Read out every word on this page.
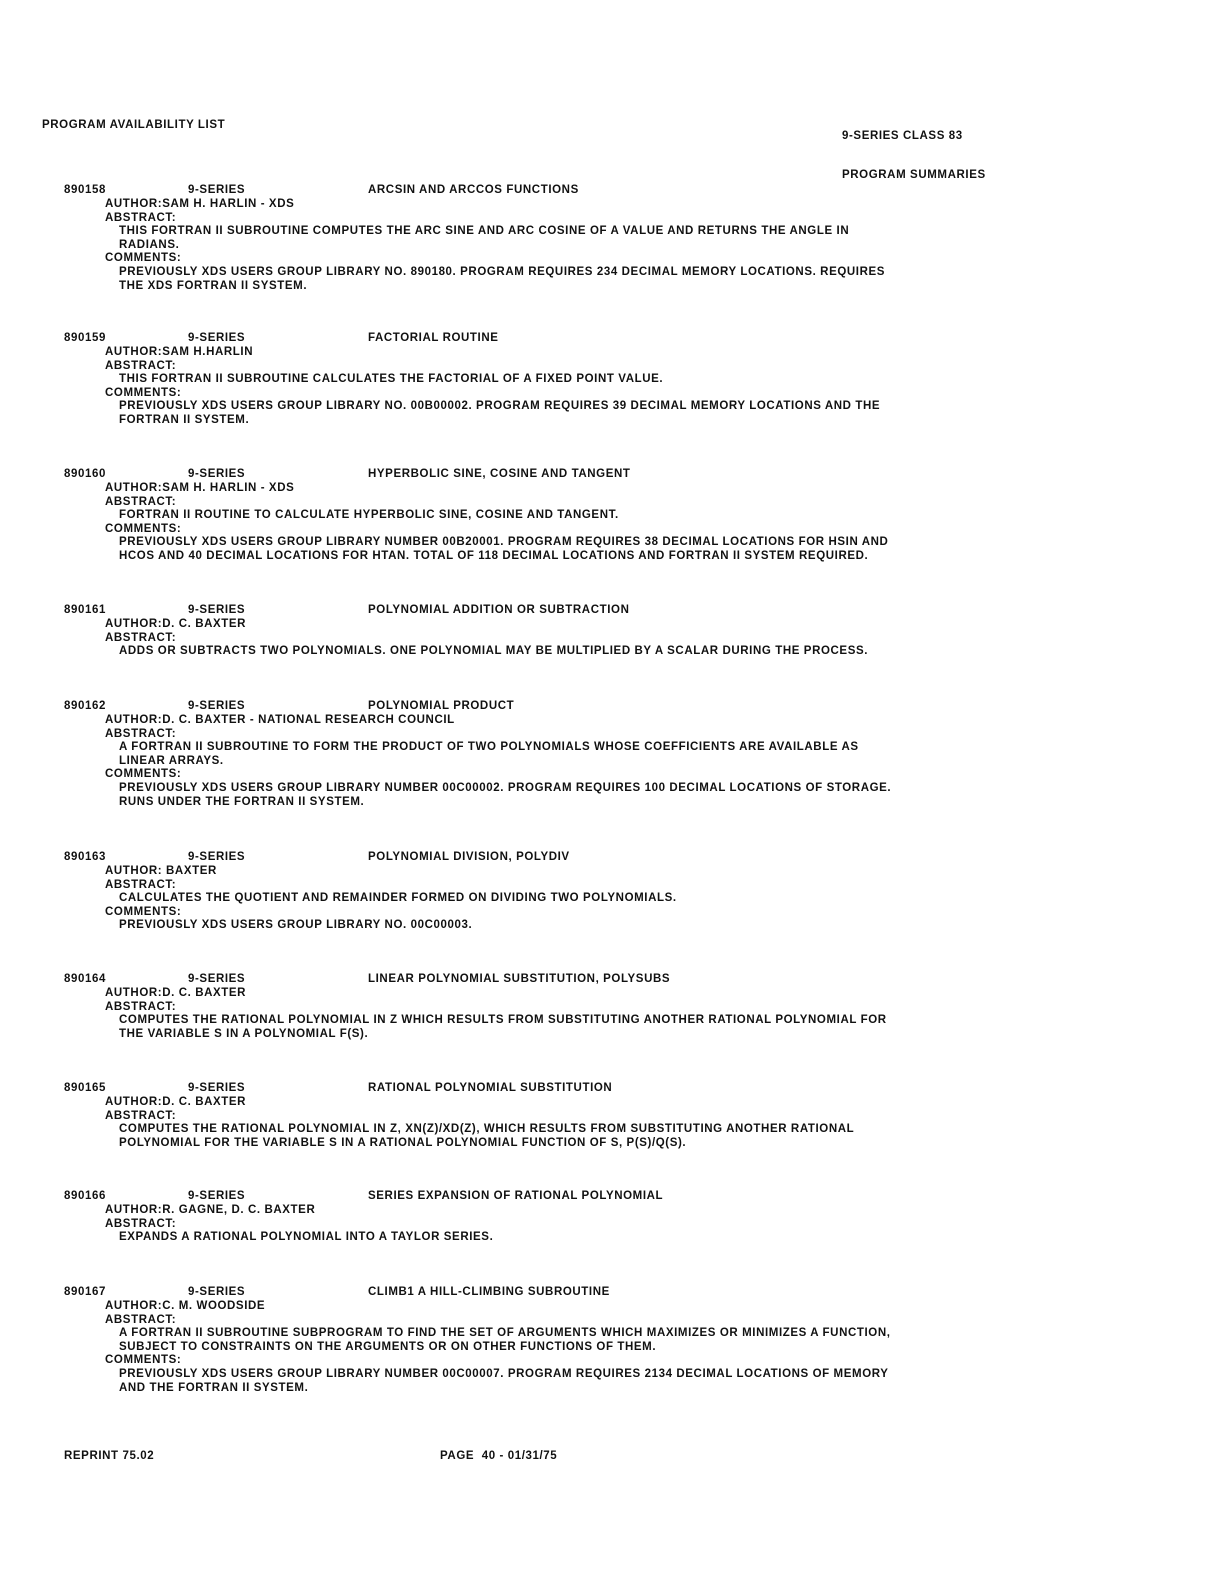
PROGRAM AVAILABILITY LIST

9-SERIES CLASS 83

PROGRAM SUMMARIES

890158	9-SERIES	ARCSIN AND ARCCOS FUNCTIONS
AUTHOR:SAM H. HARLIN - XDS
ABSTRACT:
THIS FORTRAN II SUBROUTINE COMPUTES THE ARC SINE AND ARC COSINE OF A VALUE AND RETURNS THE ANGLE IN
RADIANS.
COMMENTS:
PREVIOUSLY XDS USERS GROUP LIBRARY NO. 890180. PROGRAM REQUIRES 234 DECIMAL MEMORY LOCATIONS. REQUIRES
THE XDS FORTRAN II SYSTEM.
890159	9-SERIES	FACTORIAL ROUTINE
AUTHOR:SAM H.HARLIN
ABSTRACT:
THIS FORTRAN II SUBROUTINE CALCULATES THE FACTORIAL OF A FIXED POINT VALUE.
COMMENTS:
PREVIOUSLY XDS USERS GROUP LIBRARY NO. 00B00002. PROGRAM REQUIRES 39 DECIMAL MEMORY LOCATIONS AND THE
FORTRAN II SYSTEM.
890160	9-SERIES	HYPERBOLIC SINE, COSINE AND TANGENT
AUTHOR:SAM H. HARLIN - XDS
ABSTRACT:
FORTRAN II ROUTINE TO CALCULATE HYPERBOLIC SINE, COSINE AND TANGENT.
COMMENTS:
PREVIOUSLY XDS USERS GROUP LIBRARY NUMBER 00B20001. PROGRAM REQUIRES 38 DECIMAL LOCATIONS FOR HSIN AND
HCOS AND 40 DECIMAL LOCATIONS FOR HTAN. TOTAL OF 118 DECIMAL LOCATIONS AND FORTRAN II SYSTEM REQUIRED.
890161	9-SERIES	POLYNOMIAL ADDITION OR SUBTRACTION
AUTHOR:D. C. BAXTER
ABSTRACT:
ADDS OR SUBTRACTS TWO POLYNOMIALS. ONE POLYNOMIAL MAY BE MULTIPLIED BY A SCALAR DURING THE PROCESS.
890162	9-SERIES	POLYNOMIAL PRODUCT
AUTHOR:D. C. BAXTER - NATIONAL RESEARCH COUNCIL
ABSTRACT:
A FORTRAN II SUBROUTINE TO FORM THE PRODUCT OF TWO POLYNOMIALS WHOSE COEFFICIENTS ARE AVAILABLE AS
LINEAR ARRAYS.
COMMENTS:
PREVIOUSLY XDS USERS GROUP LIBRARY NUMBER 00C00002. PROGRAM REQUIRES 100 DECIMAL LOCATIONS OF STORAGE.
RUNS UNDER THE FORTRAN II SYSTEM.
890163	9-SERIES	POLYNOMIAL DIVISION, POLYDIV
AUTHOR: BAXTER
ABSTRACT:
CALCULATES THE QUOTIENT AND REMAINDER FORMED ON DIVIDING TWO POLYNOMIALS.
COMMENTS:
PREVIOUSLY XDS USERS GROUP LIBRARY NO. 00C00003.
890164	9-SERIES	LINEAR POLYNOMIAL SUBSTITUTION, POLYSUBS
AUTHOR:D. C. BAXTER
ABSTRACT:
COMPUTES THE RATIONAL POLYNOMIAL IN Z WHICH RESULTS FROM SUBSTITUTING ANOTHER RATIONAL POLYNOMIAL FOR
THE VARIABLE S IN A POLYNOMIAL F(S).
890165	9-SERIES	RATIONAL POLYNOMIAL SUBSTITUTION
AUTHOR:D. C. BAXTER
ABSTRACT:
COMPUTES THE RATIONAL POLYNOMIAL IN Z, XN(Z)/XD(Z), WHICH RESULTS FROM SUBSTITUTING ANOTHER RATIONAL
POLYNOMIAL FOR THE VARIABLE S IN A RATIONAL POLYNOMIAL FUNCTION OF S, P(S)/Q(S).
890166	9-SERIES	SERIES EXPANSION OF RATIONAL POLYNOMIAL
AUTHOR:R. GAGNE, D. C. BAXTER
ABSTRACT:
EXPANDS A RATIONAL POLYNOMIAL INTO A TAYLOR SERIES.
890167	9-SERIES	CLIMB1 A HILL-CLIMBING SUBROUTINE
AUTHOR:C. M. WOODSIDE
ABSTRACT:
A FORTRAN II SUBROUTINE SUBPROGRAM TO FIND THE SET OF ARGUMENTS WHICH MAXIMIZES OR MINIMIZES A FUNCTION,
SUBJECT TO CONSTRAINTS ON THE ARGUMENTS OR ON OTHER FUNCTIONS OF THEM.
COMMENTS:
PREVIOUSLY XDS USERS GROUP LIBRARY NUMBER 00C00007. PROGRAM REQUIRES 2134 DECIMAL LOCATIONS OF MEMORY
AND THE FORTRAN II SYSTEM.
REPRINT 75.02	PAGE  40 - 01/31/75
